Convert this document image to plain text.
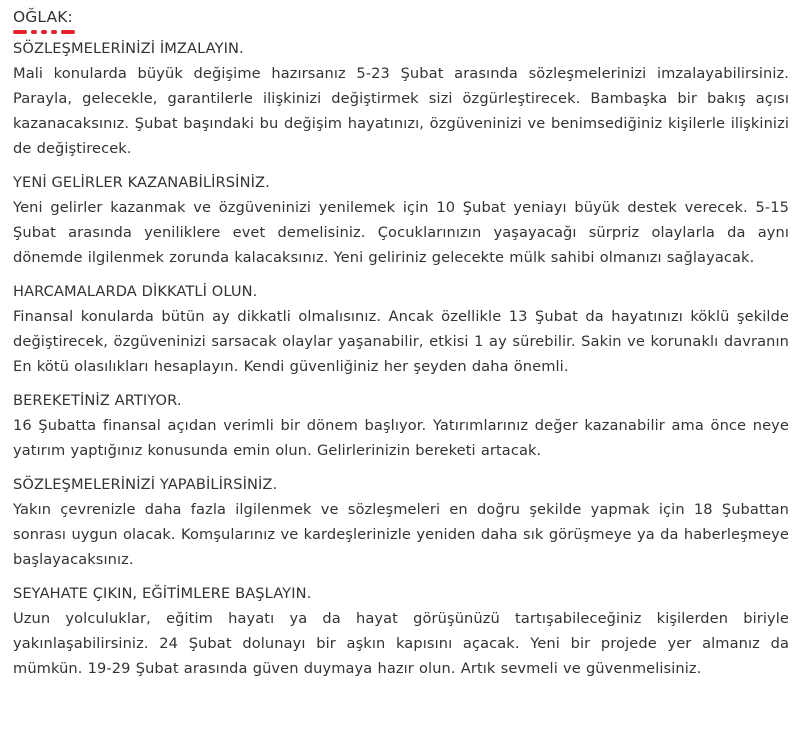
OĞLAK:

SÖZLEŞMELERİNİZİ İMZALAYIN.

Mali konularda büyük değişime hazırsanız 5-23 Şubat arasında sözleşmelerinizi imzalayabilirsiniz. Parayla, gelecekle, garantilerle ilişkinizi değiştirmek sizi özgürleştirecek. Bambaşka bir bakış açısı kazanacaksınız. Şubat başındaki bu değişim hayatınızı, özgüveninizi ve benimsediğiniz kişilerle ilişkinizi de değiştirecek.

YENİ GELİRLER KAZANABİLİRSİNİZ.

Yeni gelirler kazanmak ve özgüveninizi yenilemek için 10 Şubat yeniayı büyük destek verecek. 5-15 Şubat arasında yeniliklere evet demelisiniz. Çocuklarınızın yaşayacağı sürpriz olaylarla da aynı dönemde ilgilenmek zorunda kalacaksınız. Yeni geliriniz gelecekte mülk sahibi olmanızı sağlayacak.

HARCAMALARDA DİKKATLİ OLUN.

Finansal konularda bütün ay dikkatli olmalısınız. Ancak özellikle 13 Şubat da hayatınızı köklü şekilde değiştirecek, özgüveninizi sarsacak olaylar yaşanabilir, etkisi 1 ay sürebilir. Sakin ve korunaklı davranın En kötü olasılıkları hesaplayın. Kendi güvenliğiniz her şeyden daha önemli.

BEREKETİNİZ ARTIYOR.

16 Şubatta finansal açıdan verimli bir dönem başlıyor. Yatırımlarınız değer kazanabilir ama önce neye yatırım yaptığınız konusunda emin olun. Gelirlerinizin bereketi artacak.

SÖZLEŞMELERİNİZİ YAPABİLİRSİNİZ.

Yakın çevrenizle daha fazla ilgilenmek ve sözleşmeleri en doğru şekilde yapmak için 18 Şubattan sonrası uygun olacak. Komşularınız ve kardeşlerinizle yeniden daha sık görüşmeye ya da haberleşmeye başlayacaksınız.

SEYAHATE ÇIKIN, EĞİTİMLERE BAŞLAYIN.

Uzun yolculuklar, eğitim hayatı ya da hayat görüşünüzü tartışabileceğiniz kişilerden biriyle yakınlaşabilirsiniz. 24 Şubat dolunayı bir aşkın kapısını açacak. Yeni bir projede yer almanız da mümkün. 19-29 Şubat arasında güven duymaya hazır olun. Artık sevmeli ve güvenmelisiniz.
